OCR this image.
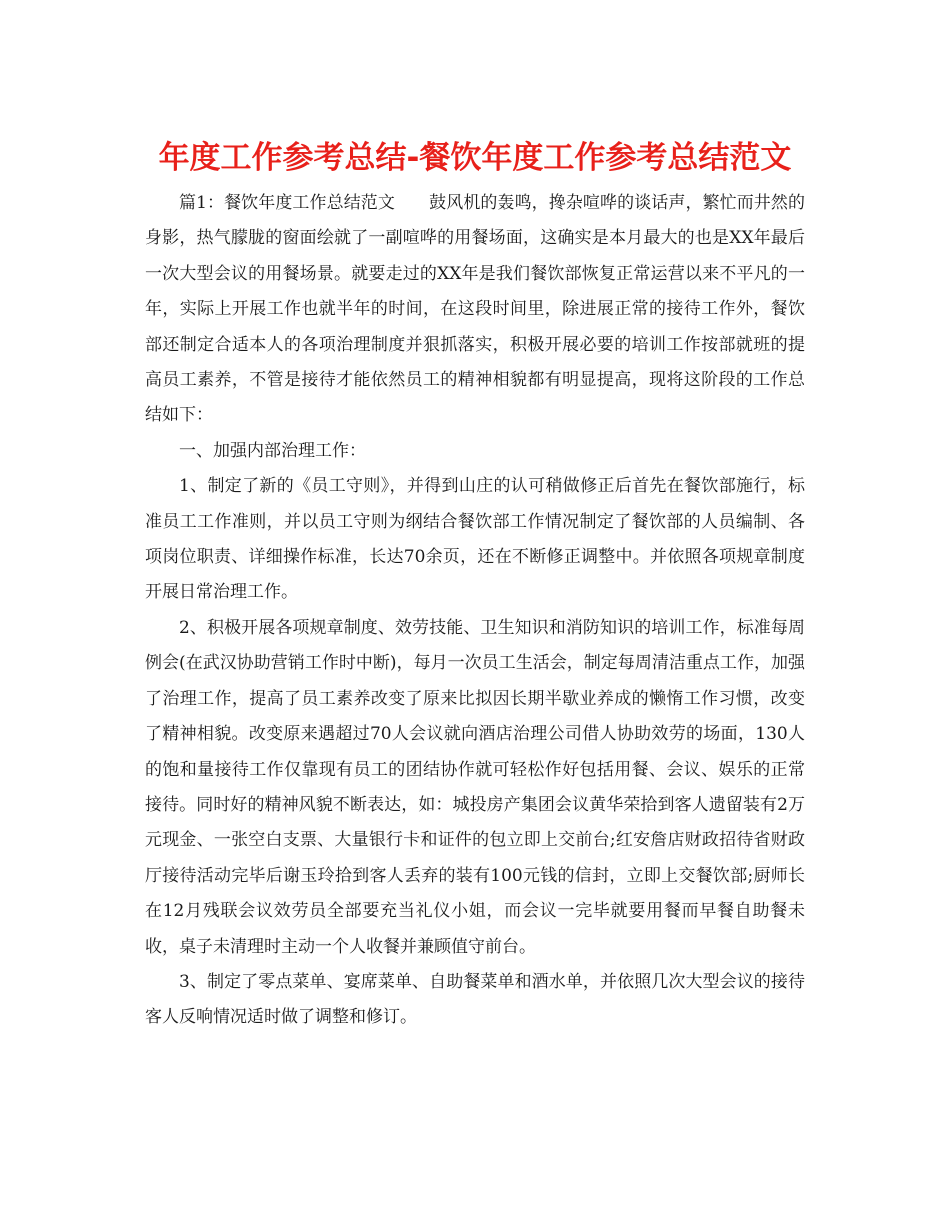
年度工作参考总结-餐饮年度工作参考总结范文

篇1：餐饮年度工作总结范文　　鼓风机的轰鸣，搀杂喧哗的谈话声，繁忙而井然的身影，热气朦胧的窗面绘就了一副喧哗的用餐场面，这确实是本月最大的也是XX年最后一次大型会议的用餐场景。就要走过的XX年是我们餐饮部恢复正常运营以来不平凡的一年，实际上开展工作也就半年的时间，在这段时间里，除进展正常的接待工作外，餐饮部还制定合适本人的各项治理制度并狠抓落实，积极开展必要的培训工作按部就班的提高员工素养，不管是接待才能依然员工的精神相貌都有明显提高，现将这阶段的工作总结如下：

一、加强内部治理工作：

1、制定了新的《员工守则》，并得到山庄的认可稍做修正后首先在餐饮部施行，标准员工工作准则，并以员工守则为纲结合餐饮部工作情况制定了餐饮部的人员编制、各项岗位职责、详细操作标准，长达70余页，还在不断修正调整中。并依照各项规章制度开展日常治理工作。

2、积极开展各项规章制度、效劳技能、卫生知识和消防知识的培训工作，标准每周例会(在武汉协助营销工作时中断)，每月一次员工生活会，制定每周清洁重点工作，加强了治理工作，提高了员工素养改变了原来比拟因长期半歇业养成的懒惰工作习惯，改变了精神相貌。改变原来遇超过70人会议就向酒店治理公司借人协助效劳的场面，130人的饱和量接待工作仅靠现有员工的团结协作就可轻松作好包括用餐、会议、娱乐的正常接待。同时好的精神风貌不断表达，如：城投房产集团会议黄华荣拾到客人遗留装有2万元现金、一张空白支票、大量银行卡和证件的包立即上交前台;红安詹店财政招待省财政厅接待活动完毕后谢玉玲拾到客人丢弃的装有100元钱的信封，立即上交餐饮部;厨师长在12月残联会议效劳员全部要充当礼仪小姐，而会议一完毕就要用餐而早餐自助餐未收，桌子未清理时主动一个人收餐并兼顾值守前台。

3、制定了零点菜单、宴席菜单、自助餐菜单和酒水单，并依照几次大型会议的接待客人反响情况适时做了调整和修订。
